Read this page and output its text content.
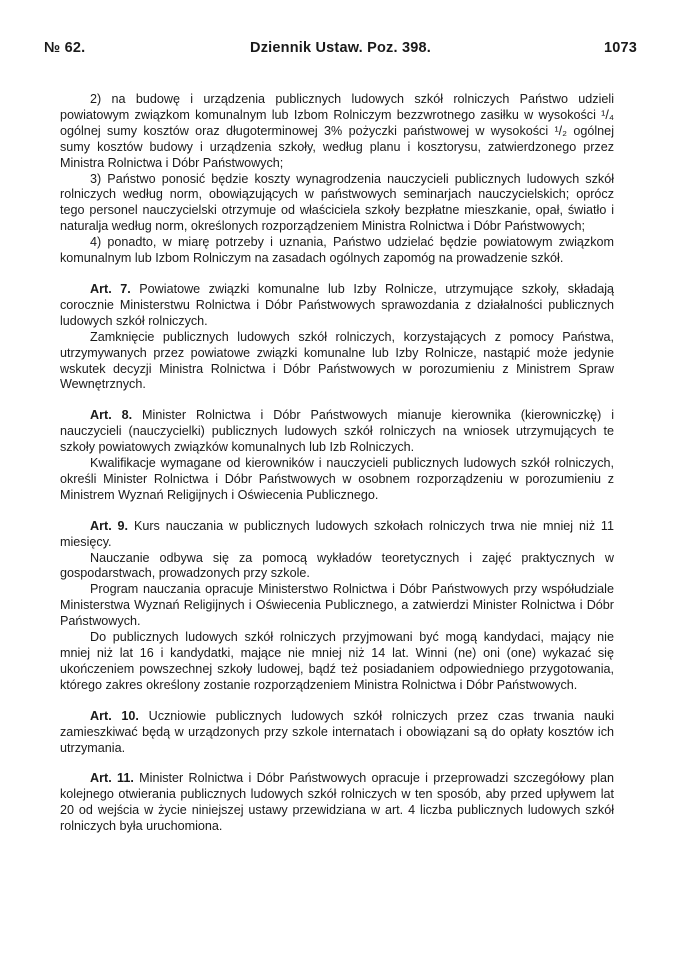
№ 62.	Dziennik Ustaw. Poz. 398.	1073

2) na budowę i urządzenia publicznych ludowych szkół rolniczych Państwo udzieli powiatowym związkom komunalnym lub Izbom Rolniczym bezzwrotnego zasiłku w wysokości ¹/₄ ogólnej sumy kosztów oraz długoterminowej 3% pożyczki państwowej w wysokości ¹/₂ ogólnej sumy kosztów budowy i urządzenia szkoły, według planu i kosztorysu, zatwierdzonego przez Ministra Rolnictwa i Dóbr Państwowych;

3) Państwo ponosić będzie koszty wynagrodzenia nauczycieli publicznych ludowych szkół rolniczych według norm, obowiązujących w państwowych seminarjach nauczycielskich; oprócz tego personel nauczycielski otrzymuje od właściciela szkoły bezpłatne mieszkanie, opał, światło i naturalja według norm, określonych rozporządzeniem Ministra Rolnictwa i Dóbr Państwowych;

4) ponadto, w miarę potrzeby i uznania, Państwo udzielać będzie powiatowym związkom komunalnym lub Izbom Rolniczym na zasadach ogólnych zapomóg na prowadzenie szkół.

Art. 7. Powiatowe związki komunalne lub Izby Rolnicze, utrzymujące szkoły, składają corocznie Ministerstwu Rolnictwa i Dóbr Państwowych sprawozdania z działalności publicznych ludowych szkół rolniczych.

Zamknięcie publicznych ludowych szkół rolniczych, korzystających z pomocy Państwa, utrzymywanych przez powiatowe związki komunalne lub Izby Rolnicze, nastąpić może jedynie wskutek decyzji Ministra Rolnictwa i Dóbr Państwowych w porozumieniu z Ministrem Spraw Wewnętrznych.

Art. 8. Minister Rolnictwa i Dóbr Państwowych mianuje kierownika (kierowniczkę) i nauczycieli (nauczycielki) publicznych ludowych szkół rolniczych na wniosek utrzymujących te szkoły powiatowych związków komunalnych lub Izb Rolniczych.

Kwalifikacje wymagane od kierowników i nauczycieli publicznych ludowych szkół rolniczych, określi Minister Rolnictwa i Dóbr Państwowych w osobnem rozporządzeniu w porozumieniu z Ministrem Wyznań Religijnych i Oświecenia Publicznego.

Art. 9. Kurs nauczania w publicznych ludowych szkołach rolniczych trwa nie mniej niż 11 miesięcy.

Nauczanie odbywa się za pomocą wykładów teoretycznych i zajęć praktycznych w gospodarstwach, prowadzonych przy szkole.

Program nauczania opracuje Ministerstwo Rolnictwa i Dóbr Państwowych przy współudziale Ministerstwa Wyznań Religijnych i Oświecenia Publicznego, a zatwierdzi Minister Rolnictwa i Dóbr Państwowych.

Do publicznych ludowych szkół rolniczych przyjmowani być mogą kandydaci, mający nie mniej niż lat 16 i kandydatki, mające nie mniej niż 14 lat. Winni (ne) oni (one) wykazać się ukończeniem powszechnej szkoły ludowej, bądź też posiadaniem odpowiedniego przygotowania, którego zakres określony zostanie rozporządzeniem Ministra Rolnictwa i Dóbr Państwowych.

Art. 10. Uczniowie publicznych ludowych szkół rolniczych przez czas trwania nauki zamieszkiwać będą w urządzonych przy szkole internatach i obowiązani są do opłaty kosztów ich utrzymania.

Art. 11. Minister Rolnictwa i Dóbr Państwowych opracuje i przeprowadzi szczegółowy plan kolejnego otwierania publicznych ludowych szkół rolniczych w ten sposób, aby przed upływem lat 20 od wejścia w życie niniejszej ustawy przewidziana w art. 4 liczba publicznych ludowych szkół rolniczych była uruchomiona.
